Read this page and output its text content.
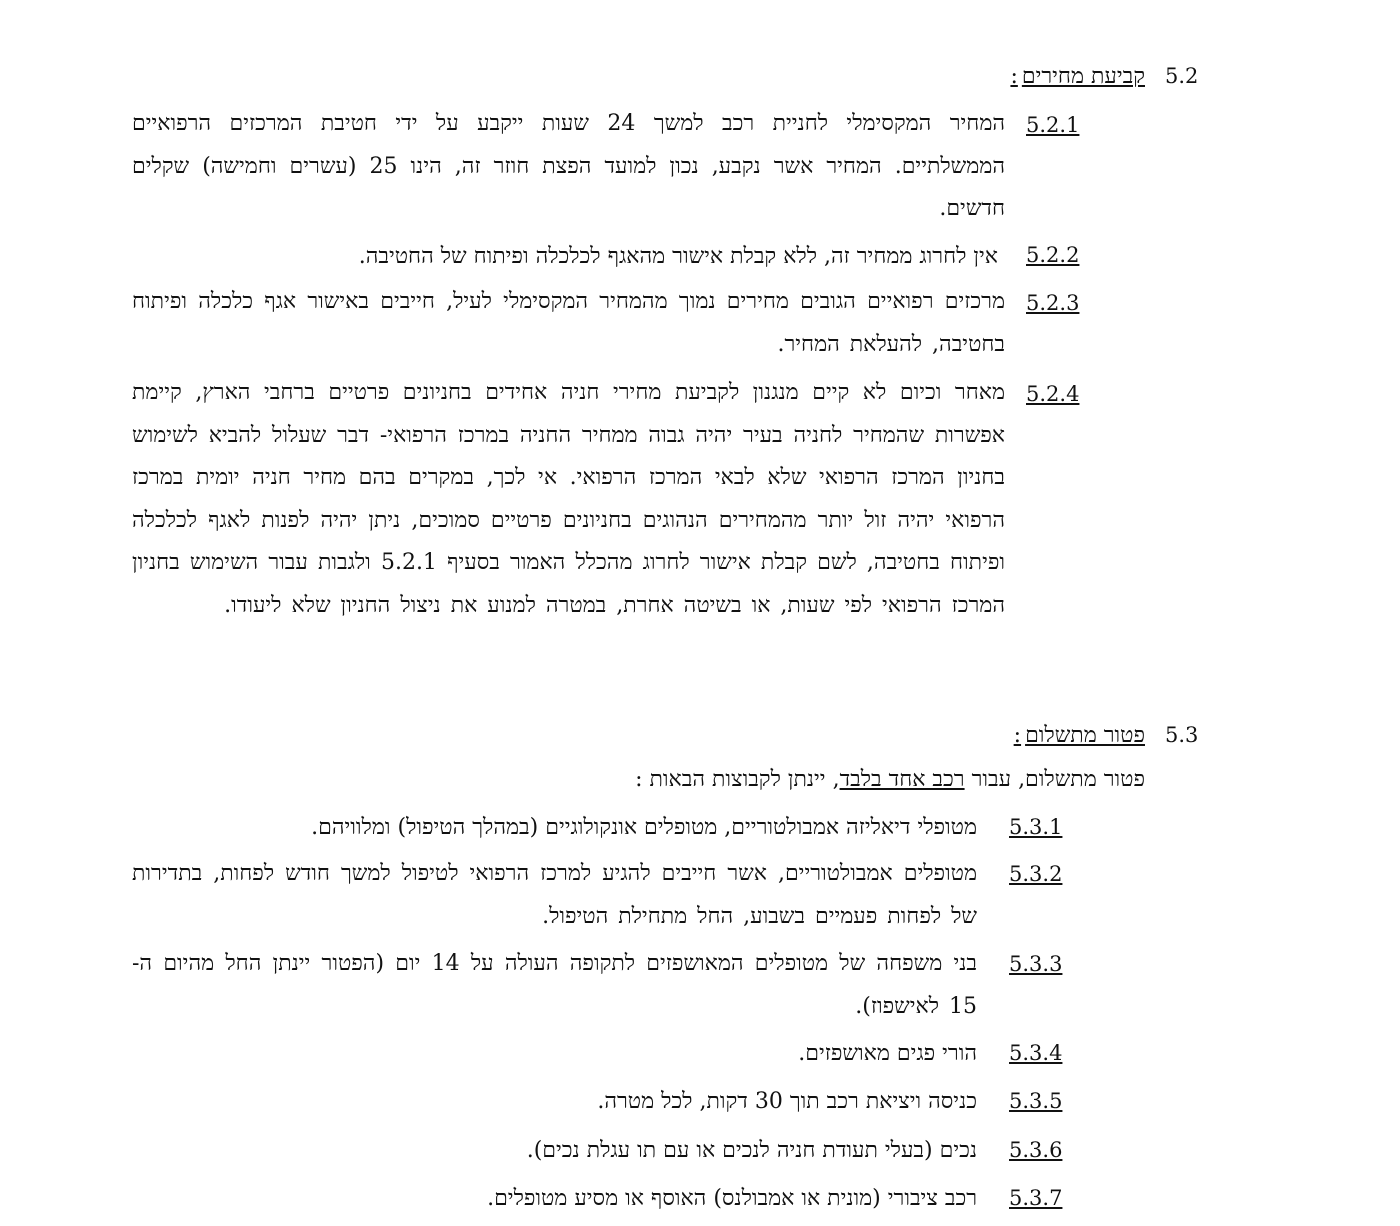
5.2
קביעת מחירים:
5.2.1
המחיר המקסימלי לחניית רכב למשך 24 שעות ייקבע על ידי חטיבת המרכזים הרפואיים הממשלתיים. המחיר אשר נקבע, נכון למועד הפצת חוזר זה, הינו 25 (עשרים וחמישה) שקלים חדשים.
5.2.2
אין לחרוג ממחיר זה, ללא קבלת אישור מהאגף לכלכלה ופיתוח של החטיבה.
5.2.3
מרכזים רפואיים הגובים מחירים נמוך מהמחיר המקסימלי לעיל, חייבים באישור אגף כלכלה ופיתוח בחטיבה, להעלאת המחיר.
5.2.4
מאחר וכיום לא קיים מנגנון לקביעת מחירי חניה אחידים בחניונים פרטיים ברחבי הארץ, קיימת אפשרות שהמחיר לחניה בעיר יהיה גבוה ממחיר החניה במרכז הרפואי- דבר שעלול להביא לשימוש בחניון המרכז הרפואי שלא לבאי המרכז הרפואי. אי לכך, במקרים בהם מחיר חניה יומית במרכז הרפואי יהיה זול יותר מהמחירים הנהוגים בחניונים פרטיים סמוכים, ניתן יהיה לפנות לאגף לכלכלה ופיתוח בחטיבה, לשם קבלת אישור לחרוג מהכלל האמור בסעיף 5.2.1 ולגבות עבור השימוש בחניון המרכז הרפואי לפי שעות, או בשיטה אחרת, במטרה למנוע את ניצול החניון שלא ליעודו.
5.3
פטור מתשלום:
פטור מתשלום, עבור רכב אחד בלבד, יינתן לקבוצות הבאות :
5.3.1
מטופלי דיאליזה אמבולטוריים, מטופלים אונקולוגיים (במהלך הטיפול) ומלוויהם.
5.3.2
מטופלים אמבולטוריים, אשר חייבים להגיע למרכז הרפואי לטיפול למשך חודש לפחות, בתדירות של לפחות פעמיים בשבוע, החל מתחילת הטיפול.
5.3.3
בני משפחה של מטופלים המאושפזים לתקופה העולה על 14 יום (הפטור יינתן החל מהיום ה- 15 לאישפוז).
5.3.4
הורי פגים מאושפזים.
5.3.5
כניסה ויציאת רכב תוך 30 דקות, לכל מטרה.
5.3.6
נכים (בעלי תעודת חניה לנכים או עם תו עגלת נכים).
5.3.7
רכב ציבורי (מונית או אמבולנס) האוסף או מסיע מטופלים.
